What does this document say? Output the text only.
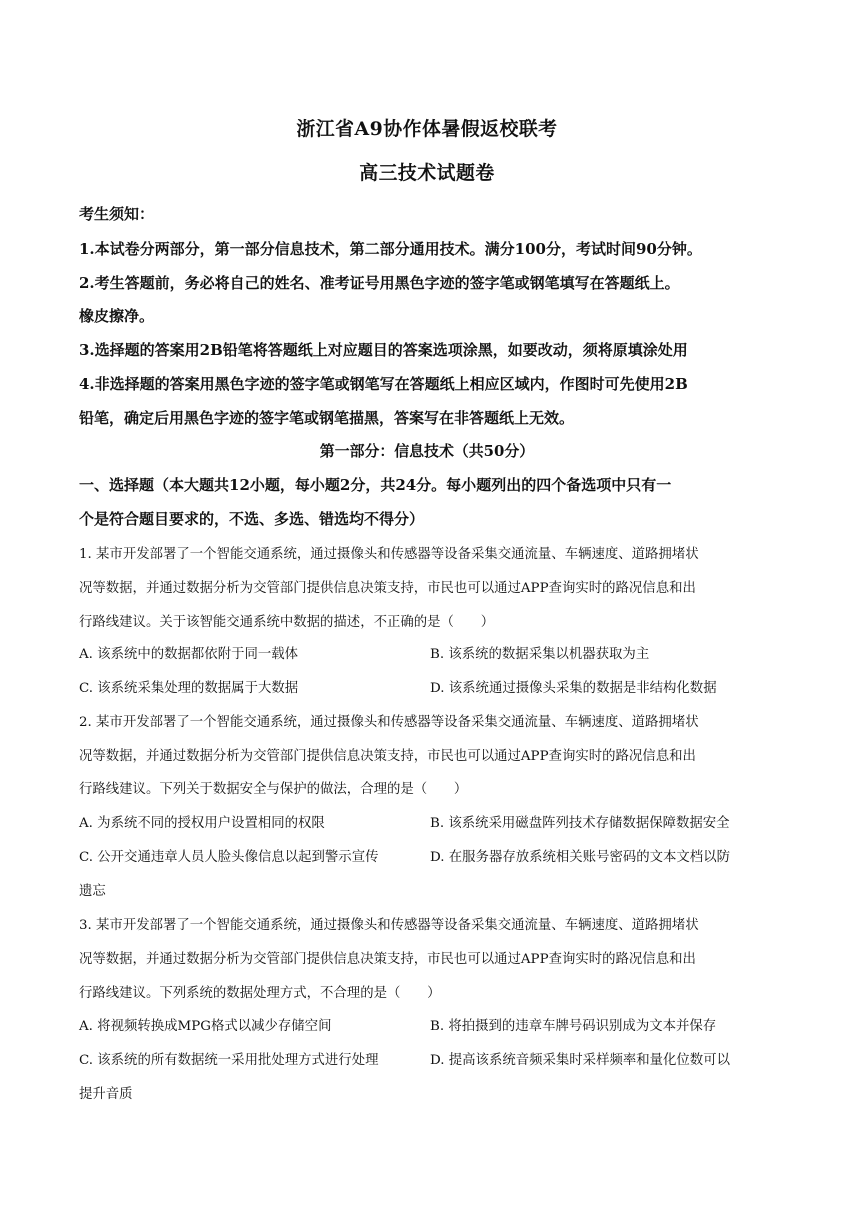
浙江省A9协作体暑假返校联考
高三技术试题卷
考生须知：
1.本试卷分两部分，第一部分信息技术，第二部分通用技术。满分100分，考试时间90分钟。
2.考生答题前，务必将自己的姓名、准考证号用黑色字迹的签字笔或钢笔填写在答题纸上。
橡皮擦净。
3.选择题的答案用2B铅笔将答题纸上对应题目的答案选项涂黑，如要改动，须将原填涂处用
4.非选择题的答案用黑色字迹的签字笔或钢笔写在答题纸上相应区域内，作图时可先使用2B
铅笔，确定后用黑色字迹的签字笔或钢笔描黑，答案写在非答题纸上无效。
第一部分：信息技术（共50分）
一、选择题（本大题共12小题，每小题2分，共24分。每小题列出的四个备选项中只有一
个是符合题目要求的，不选、多选、错选均不得分）
1. 某市开发部署了一个智能交通系统，通过摄像头和传感器等设备采集交通流量、车辆速度、道路拥堵状
况等数据，并通过数据分析为交管部门提供信息决策支持，市民也可以通过APP查询实时的路况信息和出
行路线建议。关于该智能交通系统中数据的描述，不正确的是（　　）
A. 该系统中的数据都依附于同一载体	B. 该系统的数据采集以机器获取为主
C. 该系统采集处理的数据属于大数据	D. 该系统通过摄像头采集的数据是非结构化数据
2. 某市开发部署了一个智能交通系统，通过摄像头和传感器等设备采集交通流量、车辆速度、道路拥堵状
况等数据，并通过数据分析为交管部门提供信息决策支持，市民也可以通过APP查询实时的路况信息和出
行路线建议。下列关于数据安全与保护的做法，合理的是（　　）
A. 为系统不同的授权用户设置相同的权限	B. 该系统采用磁盘阵列技术存储数据保障数据安全
C. 公开交通违章人员人脸头像信息以起到警示宣传	D. 在服务器存放系统相关账号密码的文本文档以防
遗忘
3. 某市开发部署了一个智能交通系统，通过摄像头和传感器等设备采集交通流量、车辆速度、道路拥堵状
况等数据，并通过数据分析为交管部门提供信息决策支持，市民也可以通过APP查询实时的路况信息和出
行路线建议。下列系统的数据处理方式，不合理的是（　　）
A. 将视频转换成MPG格式以减少存储空间	B. 将拍摄到的违章车牌号码识别成为文本并保存
C. 该系统的所有数据统一采用批处理方式进行处理	D. 提高该系统音频采集时采样频率和量化位数可以
提升音质
